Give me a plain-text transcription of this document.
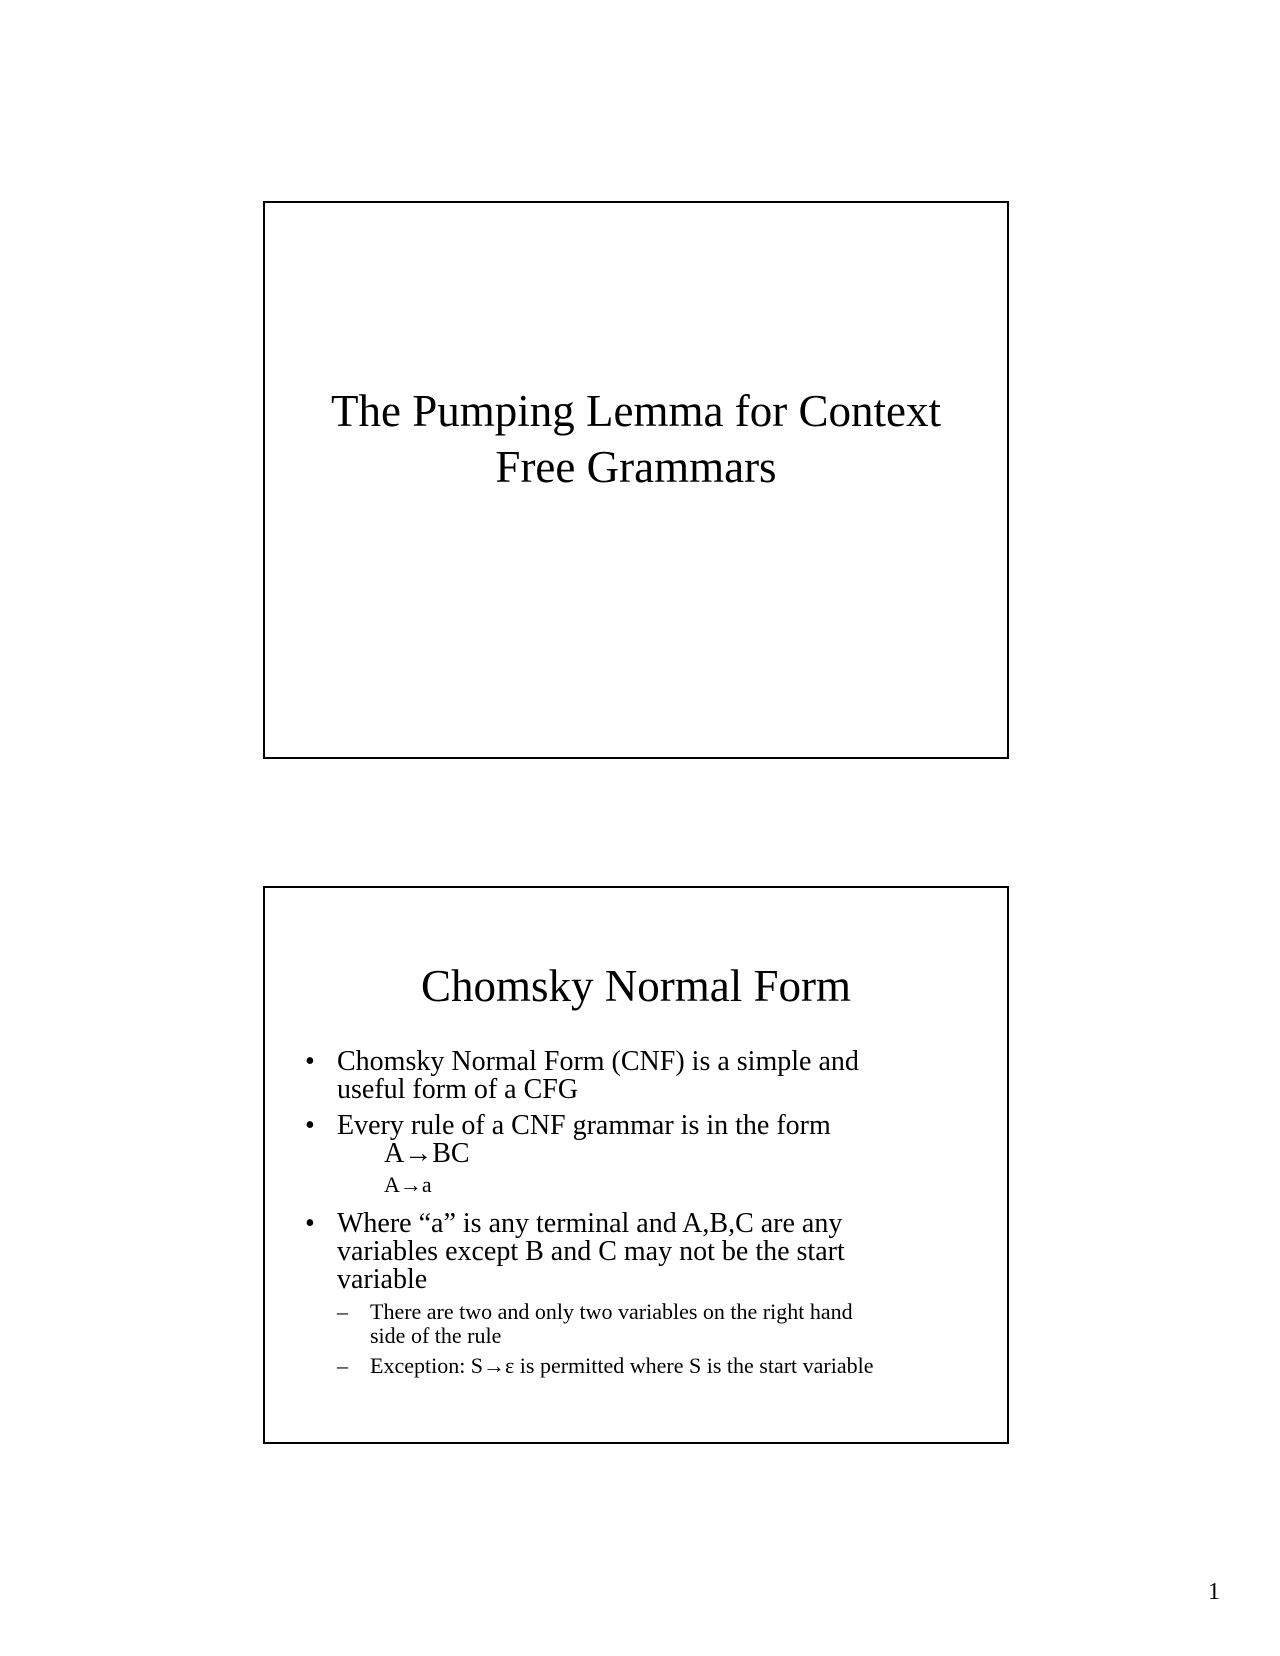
The Pumping Lemma for Context
Free Grammars
Chomsky Normal Form
• Chomsky Normal Form (CNF) is a simple and
useful form of a CFG
• Every rule of a CNF grammar is in the form
A→BC
A→a
• Where “a” is any terminal and A,B,C are any
variables except B and C may not be the start
variable
– There are two and only two variables on the right hand
side of the rule
– Exception: S→ε is permitted where S is the start variable
1
